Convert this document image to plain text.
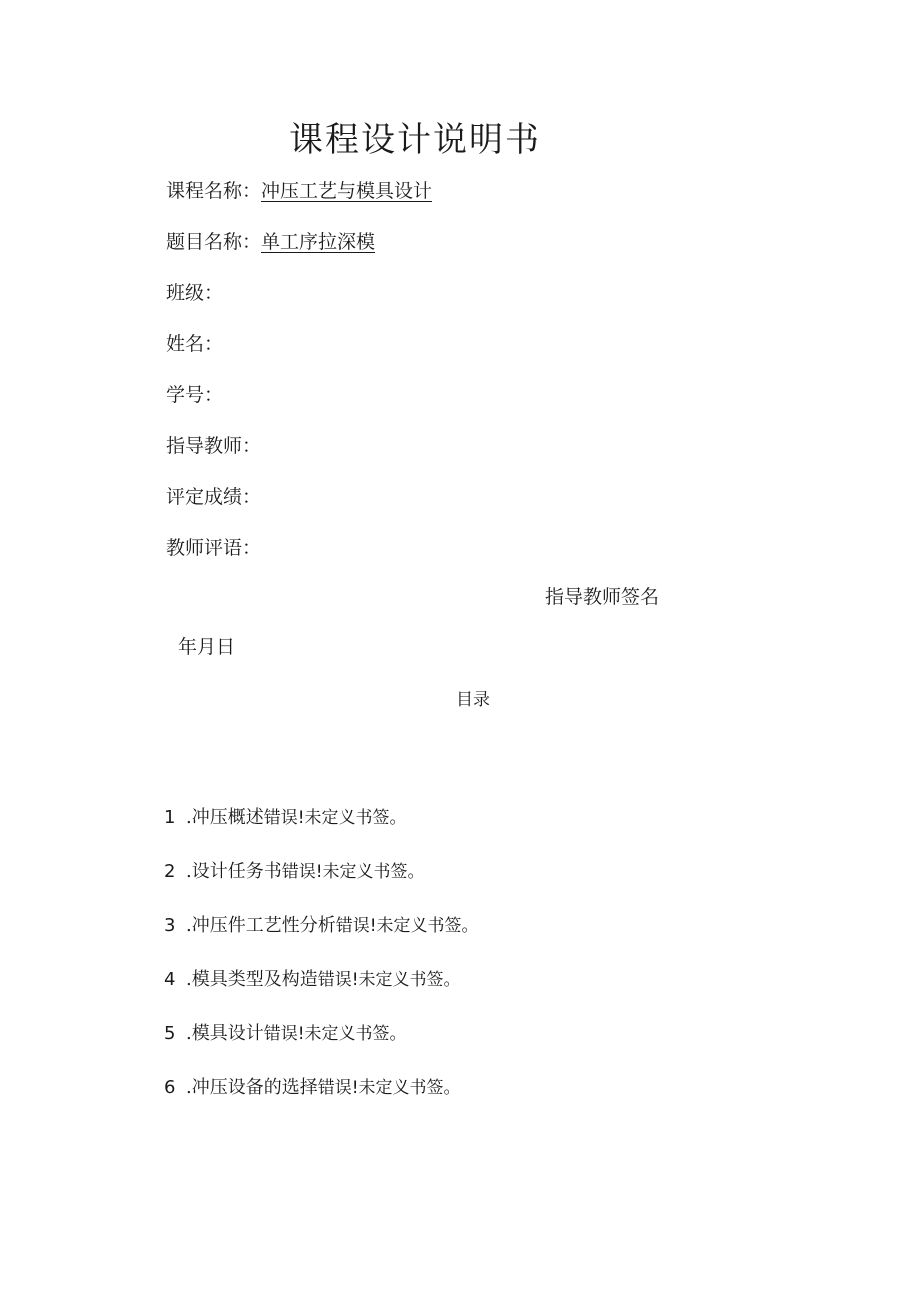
课程设计说明书
课程名称：冲压工艺与模具设计
题目名称：单工序拉深模
班级：
姓名：
学号：
指导教师：
评定成绩：
教师评语：
指导教师签名
年月日
目录
1 .冲压概述错误!未定义书签。
2 .设计任务书错误!未定义书签。
3 .冲压件工艺性分析错误!未定义书签。
4 .模具类型及构造错误!未定义书签。
5 .模具设计错误!未定义书签。
6 .冲压设备的选择错误!未定义书签。
